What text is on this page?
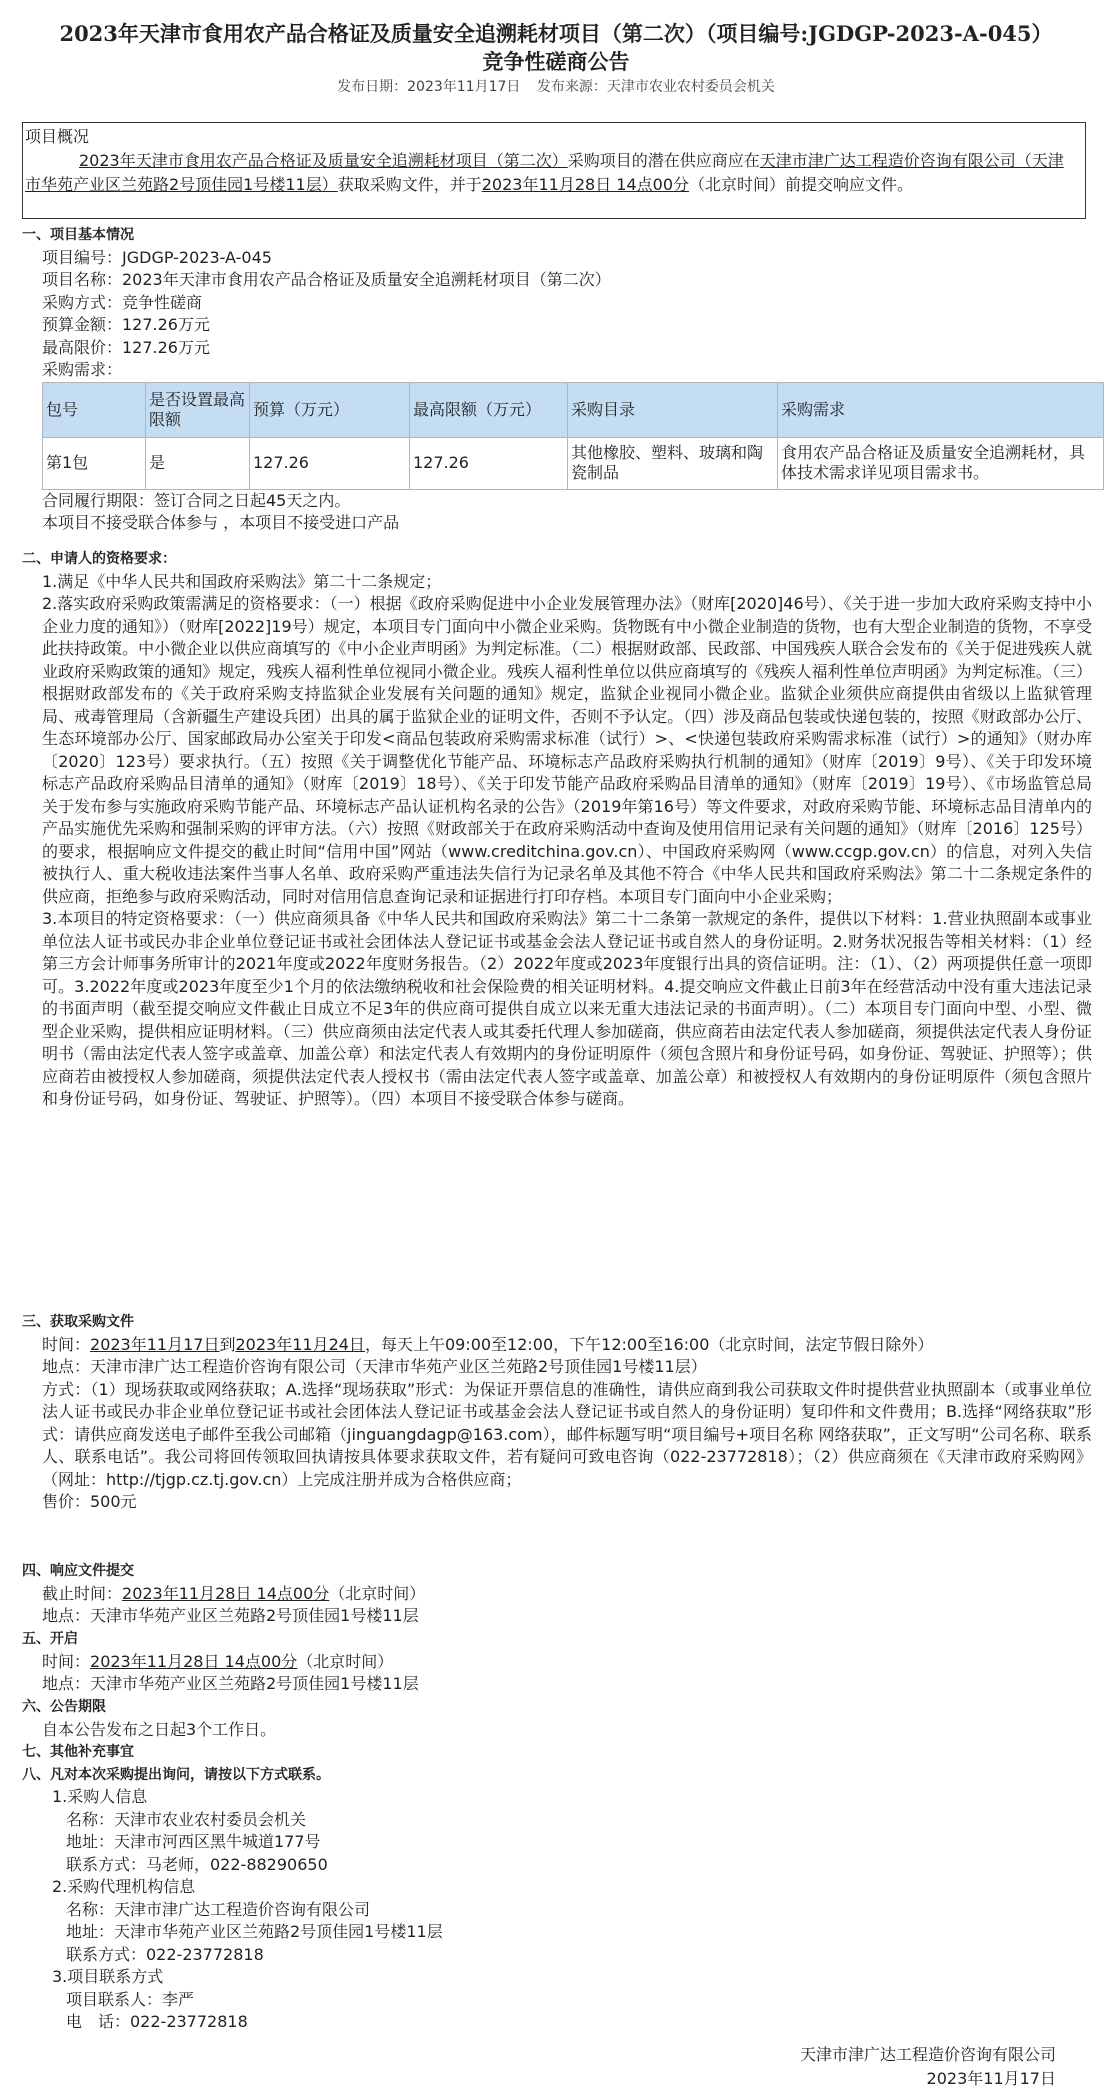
2023年天津市食用农产品合格证及质量安全追溯耗材项目（第二次）（项目编号:JGDGP-2023-A-045）
竞争性磋商公告
发布日期：2023年11月17日 发布来源：天津市农业农村委员会机关
项目概况
2023年天津市食用农产品合格证及质量安全追溯耗材项目（第二次）采购项目的潜在供应商应在天津市津广达工程造价咨询有限公司（天津市华苑产业区兰苑路2号顶佳园1号楼11层）获取采购文件，并于2023年11月28日 14点00分（北京时间）前提交响应文件。
一、项目基本情况
项目编号：JGDGP-2023-A-045
项目名称：2023年天津市食用农产品合格证及质量安全追溯耗材项目（第二次）
采购方式：竞争性磋商
预算金额：127.26万元
最高限价：127.26万元
采购需求：
包号	是否设置最高限额	预算（万元）	最高限额（万元）	采购目录	采购需求
第1包	是	127.26	127.26	其他橡胶、塑料、玻璃和陶瓷制品	食用农产品合格证及质量安全追溯耗材，具体技术需求详见项目需求书。
合同履行期限：签订合同之日起45天之内。
本项目不接受联合体参与 ，本项目不接受进口产品
二、申请人的资格要求：
1.满足《中华人民共和国政府采购法》第二十二条规定；
2.落实政府采购政策需满足的资格要求：（一）根据《政府采购促进中小企业发展管理办法》（财库[2020]46号）、《关于进一步加大政府采购支持中小企业力度的通知》）（财库[2022]19号）规定，本项目专门面向中小微企业采购。货物既有中小微企业制造的货物，也有大型企业制造的货物，不享受此扶持政策。中小微企业以供应商填写的《中小企业声明函》为判定标准。（二）根据财政部、民政部、中国残疾人联合会发布的《关于促进残疾人就业政府采购政策的通知》规定，残疾人福利性单位视同小微企业。残疾人福利性单位以供应商填写的《残疾人福利性单位声明函》为判定标准。（三）根据财政部发布的《关于政府采购支持监狱企业发展有关问题的通知》规定，监狱企业视同小微企业。监狱企业须供应商提供由省级以上监狱管理局、戒毒管理局（含新疆生产建设兵团）出具的属于监狱企业的证明文件，否则不予认定。（四）涉及商品包装或快递包装的，按照《财政部办公厅、生态环境部办公厅、国家邮政局办公室关于印发<商品包装政府采购需求标准（试行）>、<快递包装政府采购需求标准（试行）>的通知》（财办库〔2020〕123号）要求执行。（五）按照《关于调整优化节能产品、环境标志产品政府采购执行机制的通知》（财库〔2019〕9号）、《关于印发环境标志产品政府采购品目清单的通知》（财库〔2019〕18号）、《关于印发节能产品政府采购品目清单的通知》（财库〔2019〕19号）、《市场监管总局关于发布参与实施政府采购节能产品、环境标志产品认证机构名录的公告》（2019年第16号）等文件要求，对政府采购节能、环境标志品目清单内的产品实施优先采购和强制采购的评审方法。（六）按照《财政部关于在政府采购活动中查询及使用信用记录有关问题的通知》（财库〔2016〕125号）的要求，根据响应文件提交的截止时间“信用中国”网站（www.creditchina.gov.cn）、中国政府采购网（www.ccgp.gov.cn）的信息，对列入失信被执行人、重大税收违法案件当事人名单、政府采购严重违法失信行为记录名单及其他不符合《中华人民共和国政府采购法》第二十二条规定条件的供应商，拒绝参与政府采购活动，同时对信用信息查询记录和证据进行打印存档。本项目专门面向中小企业采购；
3.本项目的特定资格要求：（一）供应商须具备《中华人民共和国政府采购法》第二十二条第一款规定的条件，提供以下材料：1.营业执照副本或事业单位法人证书或民办非企业单位登记证书或社会团体法人登记证书或基金会法人登记证书或自然人的身份证明。2.财务状况报告等相关材料：（1）经第三方会计师事务所审计的2021年度或2022年度财务报告。（2）2022年度或2023年度银行出具的资信证明。注：（1）、（2）两项提供任意一项即可。3.2022年度或2023年度至少1个月的依法缴纳税收和社会保险费的相关证明材料。4.提交响应文件截止日前3年在经营活动中没有重大违法记录的书面声明（截至提交响应文件截止日成立不足3年的供应商可提供自成立以来无重大违法记录的书面声明）。（二）本项目专门面向中型、小型、微型企业采购，提供相应证明材料。（三）供应商须由法定代表人或其委托代理人参加磋商，供应商若由法定代表人参加磋商，须提供法定代表人身份证明书（需由法定代表人签字或盖章、加盖公章）和法定代表人有效期内的身份证明原件（须包含照片和身份证号码，如身份证、驾驶证、护照等）；供应商若由被授权人参加磋商，须提供法定代表人授权书（需由法定代表人签字或盖章、加盖公章）和被授权人有效期内的身份证明原件（须包含照片和身份证号码，如身份证、驾驶证、护照等）。（四）本项目不接受联合体参与磋商。
三、获取采购文件
时间：2023年11月17日到2023年11月24日，每天上午09:00至12:00，下午12:00至16:00（北京时间，法定节假日除外）
地点：天津市津广达工程造价咨询有限公司（天津市华苑产业区兰苑路2号顶佳园1号楼11层）
方式：（1）现场获取或网络获取；A.选择“现场获取”形式：为保证开票信息的准确性，请供应商到我公司获取文件时提供营业执照副本（或事业单位法人证书或民办非企业单位登记证书或社会团体法人登记证书或基金会法人登记证书或自然人的身份证明）复印件和文件费用；B.选择“网络获取”形式：请供应商发送电子邮件至我公司邮箱（jinguangdagp@163.com），邮件标题写明“项目编号+项目名称 网络获取”，正文写明“公司名称、联系人、联系电话”。我公司将回传领取回执请按具体要求获取文件，若有疑问可致电咨询（022-23772818）；（2）供应商须在《天津市政府采购网》（网址：http://tjgp.cz.tj.gov.cn）上完成注册并成为合格供应商；
售价：500元
四、响应文件提交
截止时间：2023年11月28日 14点00分（北京时间）
地点：天津市华苑产业区兰苑路2号顶佳园1号楼11层
五、开启
时间：2023年11月28日 14点00分（北京时间）
地点：天津市华苑产业区兰苑路2号顶佳园1号楼11层
六、公告期限
自本公告发布之日起3个工作日。
七、其他补充事宜
八、凡对本次采购提出询问，请按以下方式联系。
1.采购人信息
名称：天津市农业农村委员会机关
地址：天津市河西区黑牛城道177号
联系方式：马老师，022-88290650
2.采购代理机构信息
名称：天津市津广达工程造价咨询有限公司
地址：天津市华苑产业区兰苑路2号顶佳园1号楼11层
联系方式：022-23772818
3.项目联系方式
项目联系人：李严
电　话：022-23772818
天津市津广达工程造价咨询有限公司
2023年11月17日
